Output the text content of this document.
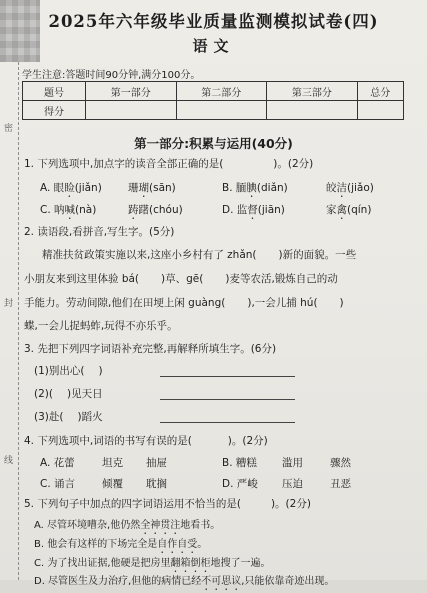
密
封
线
2025年六年级毕业质量监测模拟试卷(四)
语文
学生注意:答题时间90分钟,满分100分。
题号	第一部分	第二部分	第三部分	总分
得分				
第一部分:积累与运用(40分)
1. 下列选项中,加点字的读音全部正确的是(	)。(2分)
A. 眼睑(jiǎn) 珊瑚(sān)	B. 腼腆(diǎn)	皎洁(jiǎo)
C. 呐喊(nà)	踌躇(chóu)	D. 监督(jiān)	家禽(qín)
2. 读语段,看拼音,写生字。(5分)
精准扶贫政策实施以来,这座小乡村有了 zhǎn( )新的面貌。一些
小朋友来到这里体验 bá( )草、gē( )麦等农活,锻炼自己的动
手能力。劳动间隙,他们在田埂上闲 guàng( ),一会儿捕 hú( )
蝶,一会儿捉蚂蚱,玩得不亦乐乎。
3. 先把下列四字词语补充完整,再解释所填生字。(6分)
(1)别出心( )
(2)( )见天日
(3)赴( )蹈火
4. 下列选项中,词语的书写有误的是(	)。(2分)
A. 花蕾	坦克 抽屉	B. 糟糕 滥用	骤然
C. 诵言	倾覆 耽搁	D. 严峻 压迫	丑恶
5. 下列句子中加点的四字词语运用不恰当的是(	)。(2分)
A. 尽管环境嘈杂,他仍然全神贯注地看书。
B. 他会有这样的下场完全是自作自受。
C. 为了找出证据,他硬是把房里翻箱倒柜地搜了一遍。
D. 尽管医生及力治疗,但他的病情已经不可思议,只能依靠奇迹出现。
